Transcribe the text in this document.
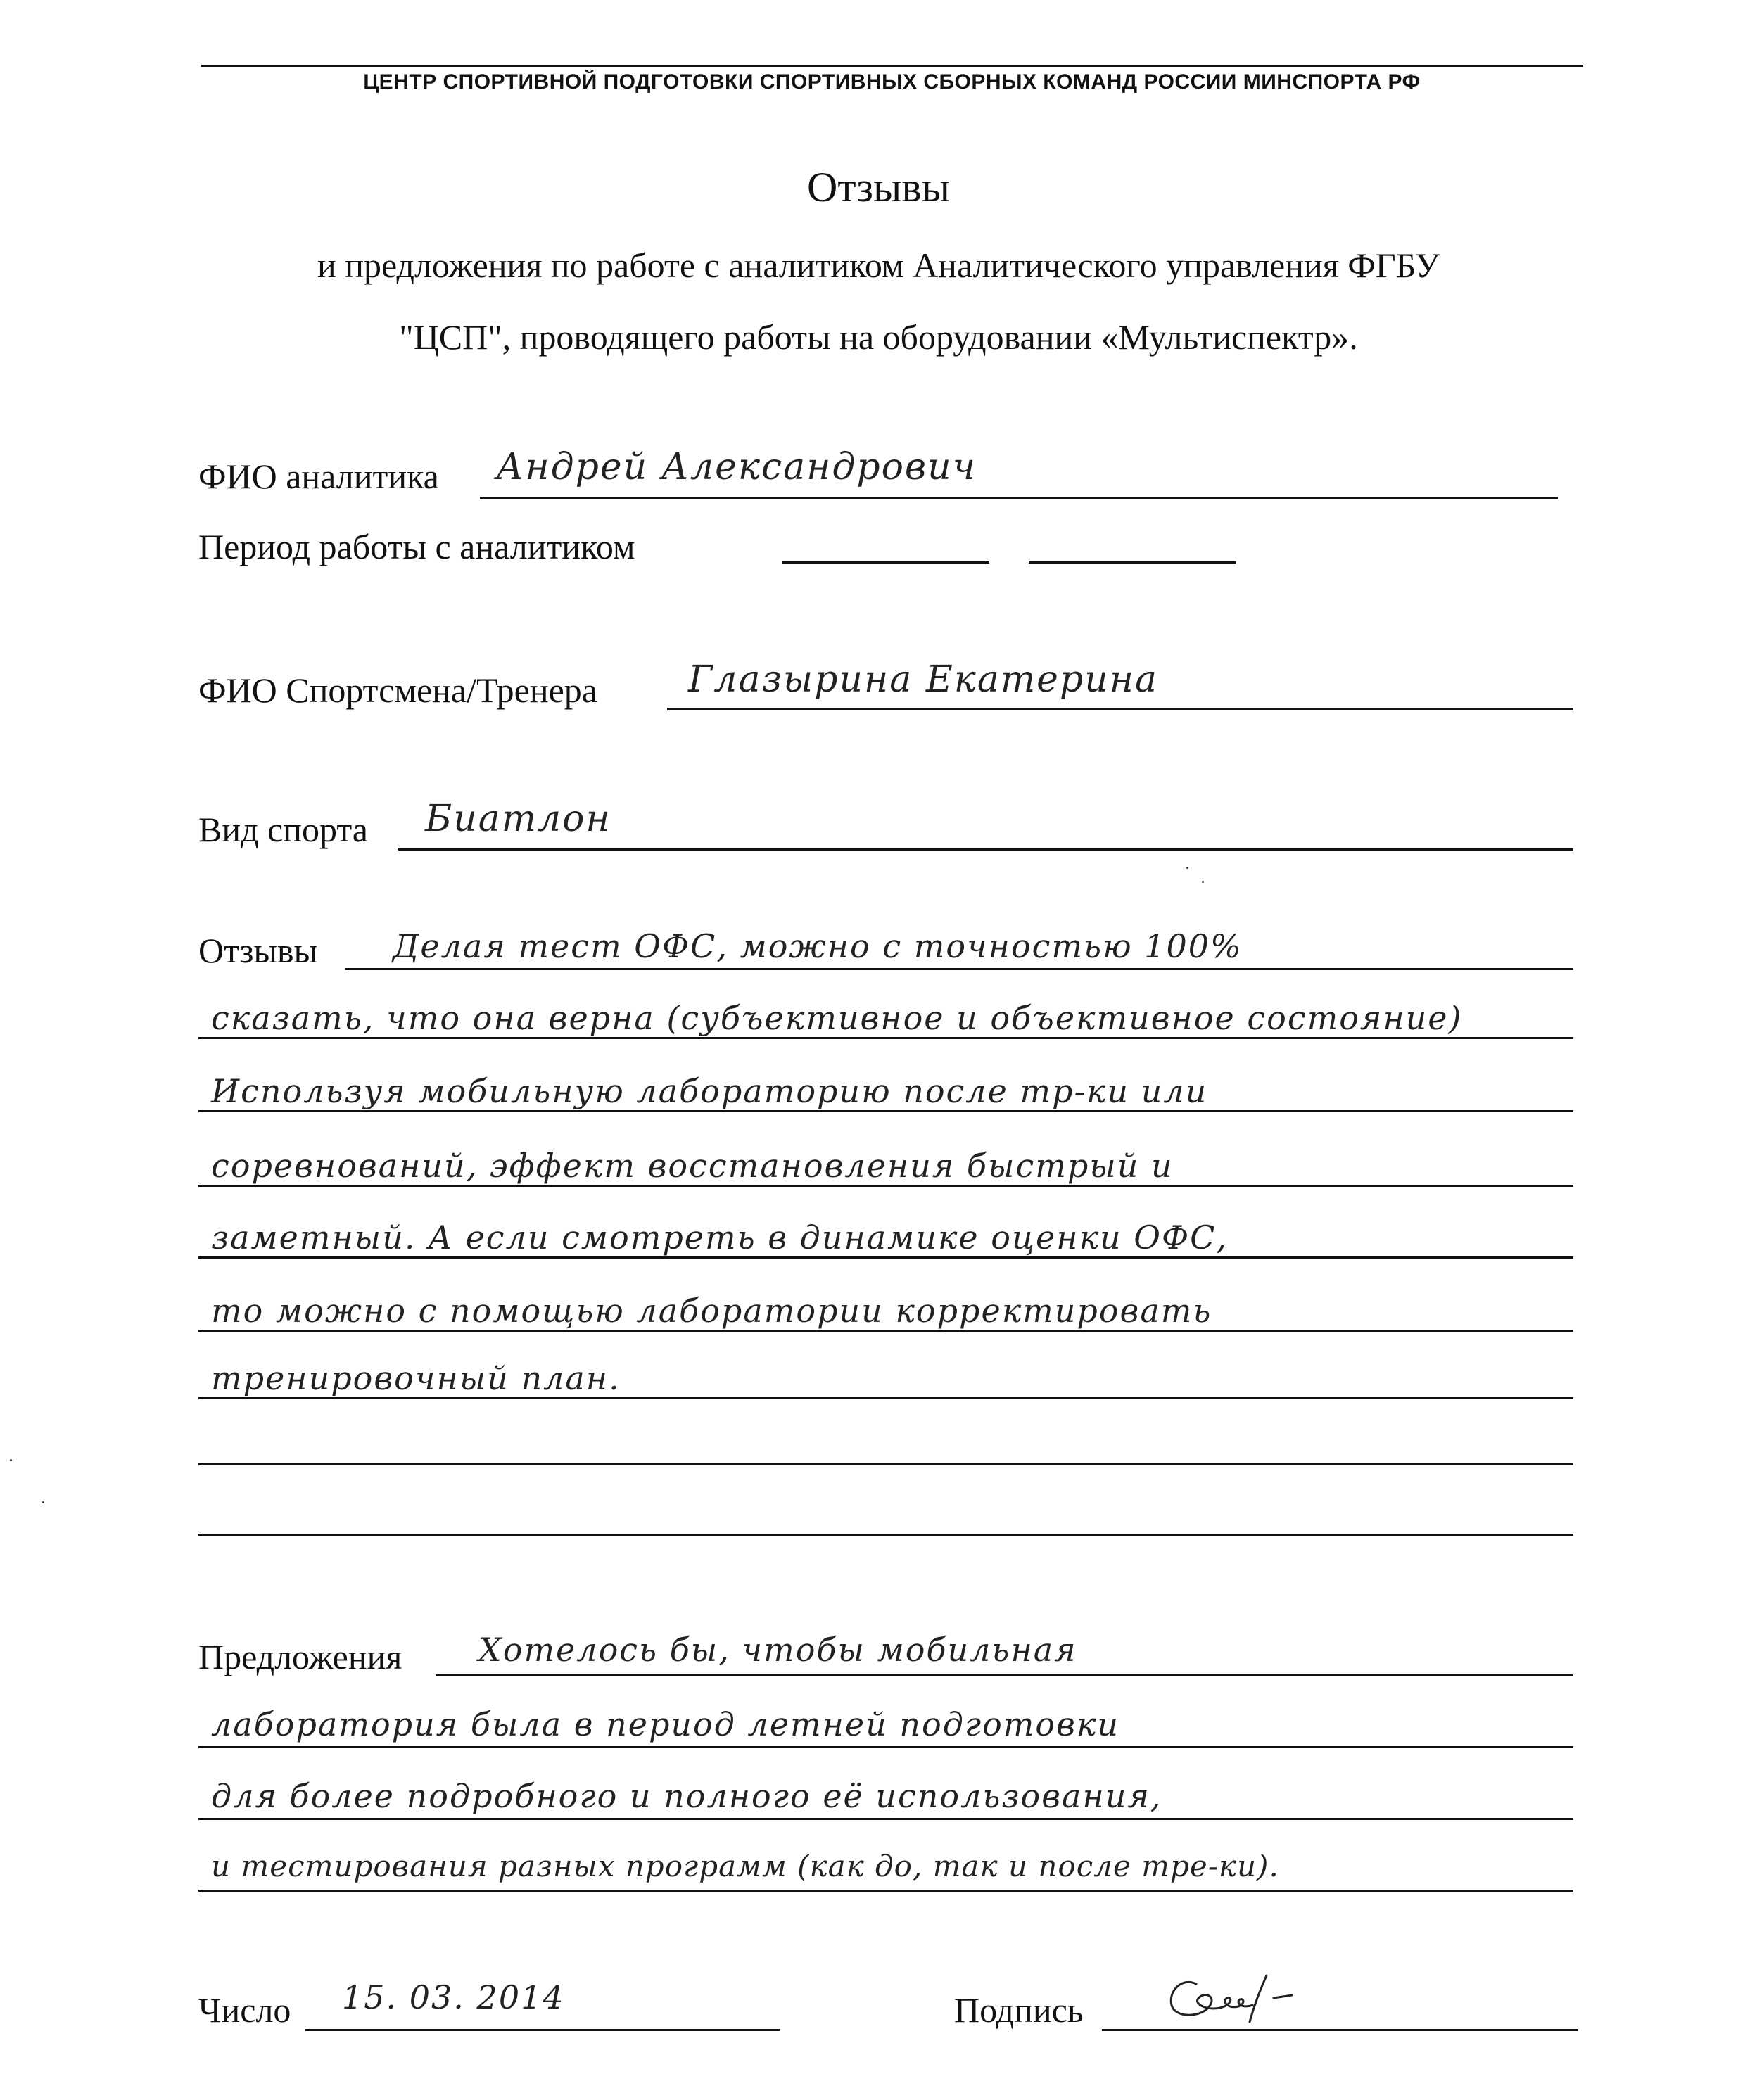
ЦЕНТР СПОРТИВНОЙ ПОДГОТОВКИ СПОРТИВНЫХ СБОРНЫХ КОМАНД РОССИИ МИНСПОРТА РФ
Отзывы
и предложения по работе с аналитиком Аналитического управления ФГБУ
"ЦСП", проводящего работы на оборудовании «Мультиспектр».
ФИО аналитика Андрей Александрович
Период работы с аналитиком
ФИО Спортсмена/Тренера Глазырина Екатерина
Вид спорта Биатлон
Отзывы Делая тест ОФС, можно с точностью 100%
сказать, что она верна (субъективное и объективное состояние)
Используя мобильную лабораторию после тр-ки или
соревнований, эффект восстановления быстрый и
заметный. А если смотреть в динамике оценки ОФС,
то можно с помощью лаборатории корректировать
тренировочный план.
Предложения Хотелось бы, чтобы мобильная
лаборатория была в период летней подготовки
для более подробного и полного её использования,
и тестирования разных программ (как до, так и после тре-ки).
Число 15. 03. 2014	Подпись
